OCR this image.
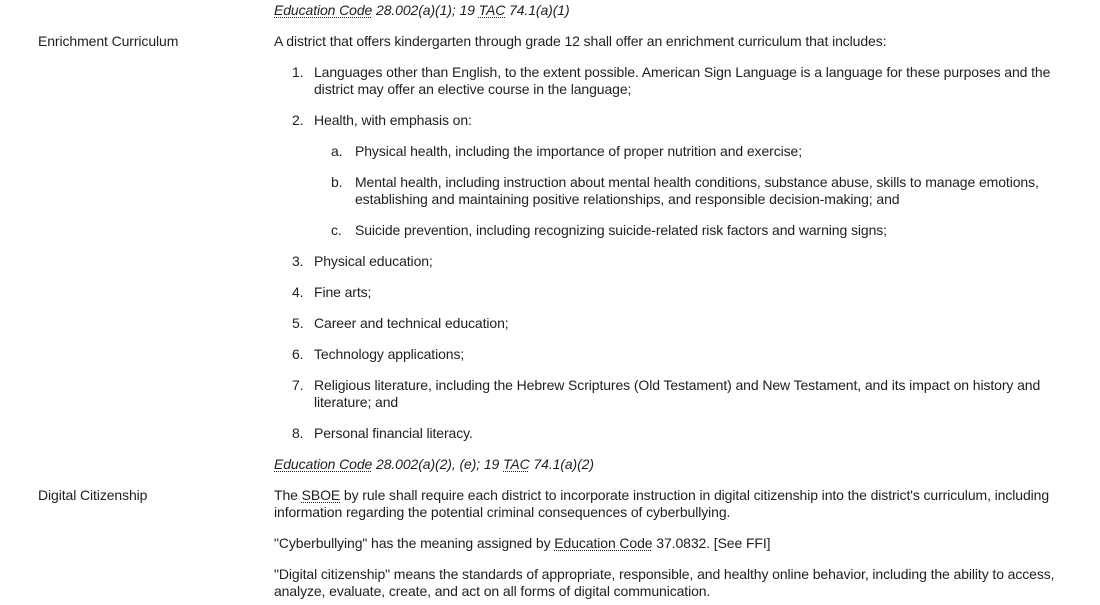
Education Code 28.002(a)(1); 19 TAC 74.1(a)(1)

Enrichment Curriculum	A district that offers kindergarten through grade 12 shall offer an enrichment curriculum that includes:

1. Languages other than English, to the extent possible. American Sign Language is a language for these purposes and the district may offer an elective course in the language;
2. Health, with emphasis on:
a. Physical health, including the importance of proper nutrition and exercise;
b. Mental health, including instruction about mental health conditions, substance abuse, skills to manage emotions, establishing and maintaining positive relationships, and responsible decision-making; and
c. Suicide prevention, including recognizing suicide-related risk factors and warning signs;
3. Physical education;
4. Fine arts;
5. Career and technical education;
6. Technology applications;
7. Religious literature, including the Hebrew Scriptures (Old Testament) and New Testament, and its impact on history and literature; and
8. Personal financial literacy.

Education Code 28.002(a)(2), (e); 19 TAC 74.1(a)(2)

Digital Citizenship	The SBOE by rule shall require each district to incorporate instruction in digital citizenship into the district's curriculum, including information regarding the potential criminal consequences of cyberbullying.

"Cyberbullying" has the meaning assigned by Education Code 37.0832. [See FFI]

"Digital citizenship" means the standards of appropriate, responsible, and healthy online behavior, including the ability to access, analyze, evaluate, create, and act on all forms of digital communication.
